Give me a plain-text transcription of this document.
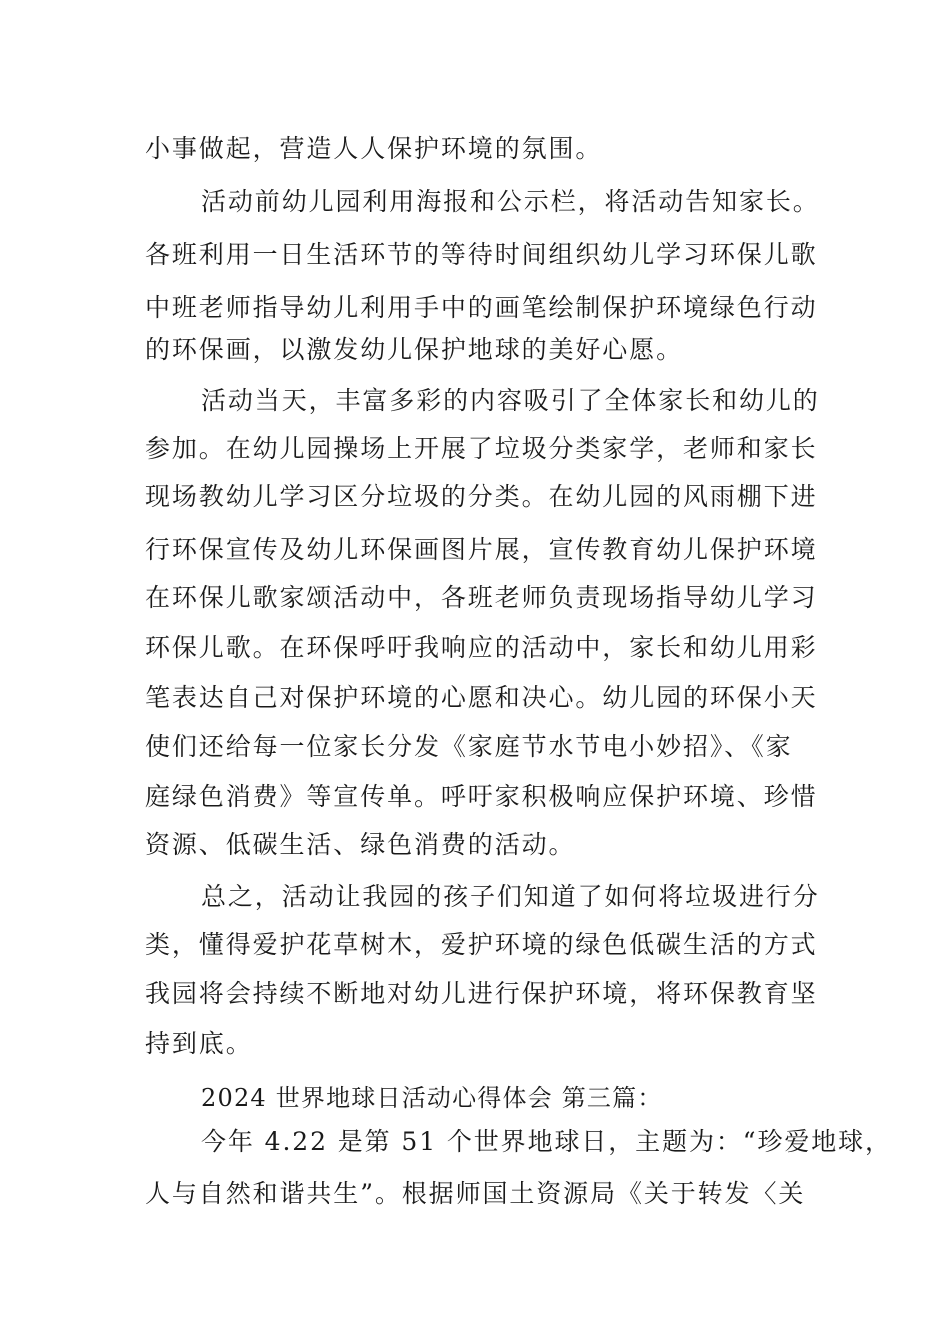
小事做起，营造人人保护环境的氛围。
活动前幼儿园利用海报和公示栏，将活动告知家长。
各班利用一日生活环节的等待时间组织幼儿学习环保儿歌
中班老师指导幼儿利用手中的画笔绘制保护环境绿色行动
的环保画，以激发幼儿保护地球的美好心愿。
活动当天，丰富多彩的内容吸引了全体家长和幼儿的
参加。在幼儿园操场上开展了垃圾分类家学，老师和家长
现场教幼儿学习区分垃圾的分类。在幼儿园的风雨棚下进
行环保宣传及幼儿环保画图片展，宣传教育幼儿保护环境
在环保儿歌家颂活动中，各班老师负责现场指导幼儿学习
环保儿歌。在环保呼吁我响应的活动中，家长和幼儿用彩
笔表达自己对保护环境的心愿和决心。幼儿园的环保小天
使们还给每一位家长分发《家庭节水节电小妙招》、《家
庭绿色消费》等宣传单。呼吁家积极响应保护环境、珍惜
资源、低碳生活、绿色消费的活动。
总之，活动让我园的孩子们知道了如何将垃圾进行分
类，懂得爱护花草树木，爱护环境的绿色低碳生活的方式
我园将会持续不断地对幼儿进行保护环境，将环保教育坚
持到底。
2024 世界地球日活动心得体会 第三篇：
今年 4.22 是第 51 个世界地球日，主题为：“珍爱地球，
人与自然和谐共生”。根据师国土资源局《关于转发〈关
